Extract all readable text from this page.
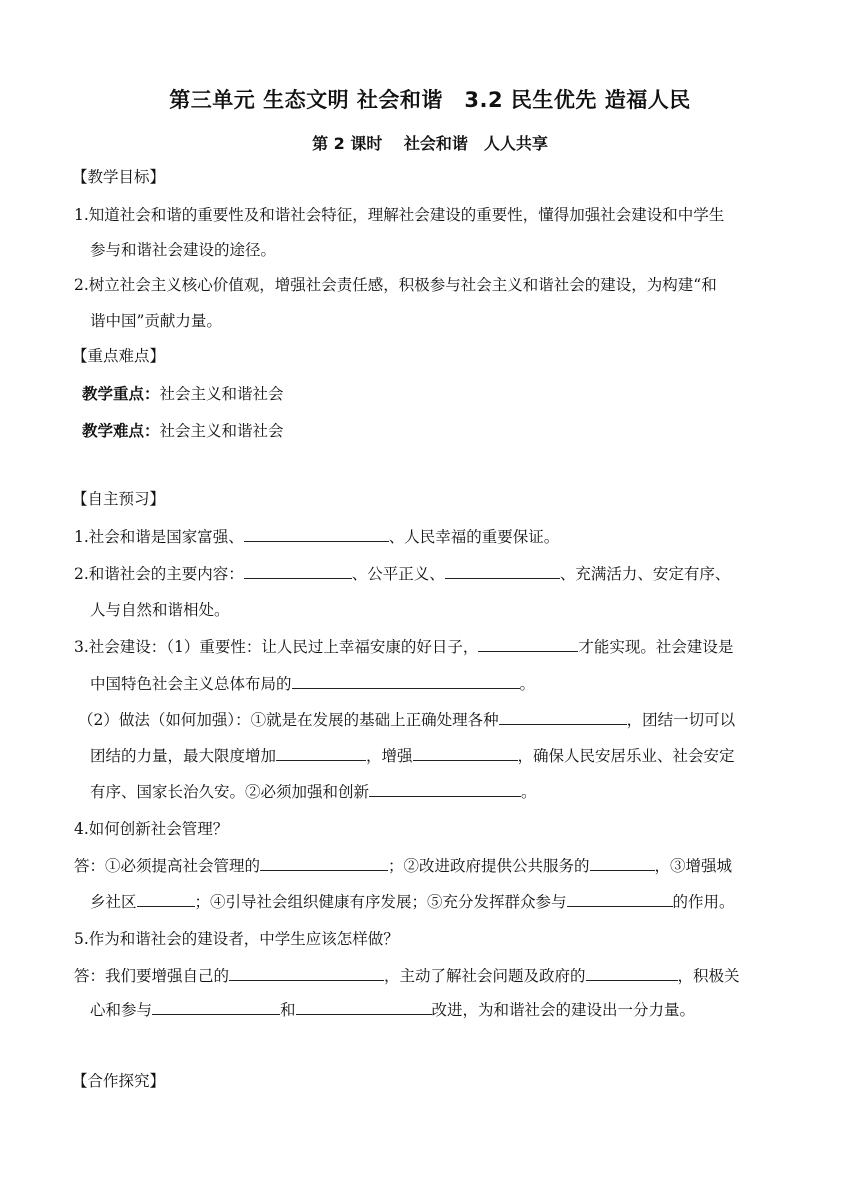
第三单元 生态文明 社会和谐　3.2 民生优先 造福人民
第 2 课时　 社会和谐　人人共享
【教学目标】
1.知道社会和谐的重要性及和谐社会特征，理解社会建设的重要性，懂得加强社会建设和中学生
参与和谐社会建设的途径。
2.树立社会主义核心价值观，增强社会责任感，积极参与社会主义和谐社会的建设，为构建“和
谐中国”贡献力量。
【重点难点】
教学重点：社会主义和谐社会
教学难点：社会主义和谐社会
【自主预习】
1.社会和谐是国家富强、	、人民幸福的重要保证。
2.和谐社会的主要内容：	、公平正义、	、充满活力、安定有序、
人与自然和谐相处。
3.社会建设：（1）重要性：让人民过上幸福安康的好日子，	才能实现。社会建设是
中国特色社会主义总体布局的	。
（2）做法（如何加强）：①就是在发展的基础上正确处理各种	，团结一切可以
团结的力量，最大限度增加	，增强	，确保人民安居乐业、社会安定
有序、国家长治久安。②必须加强和创新	。
4.如何创新社会管理？
答：①必须提高社会管理的	；②改进政府提供公共服务的	，③增强城
乡社区	；④引导社会组织健康有序发展；⑤充分发挥群众参与	的作用。
5.作为和谐社会的建设者，中学生应该怎样做？
答：我们要增强自己的	，主动了解社会问题及政府的	，积极关
心和参与	和	改进，为和谐社会的建设出一分力量。
【合作探究】
